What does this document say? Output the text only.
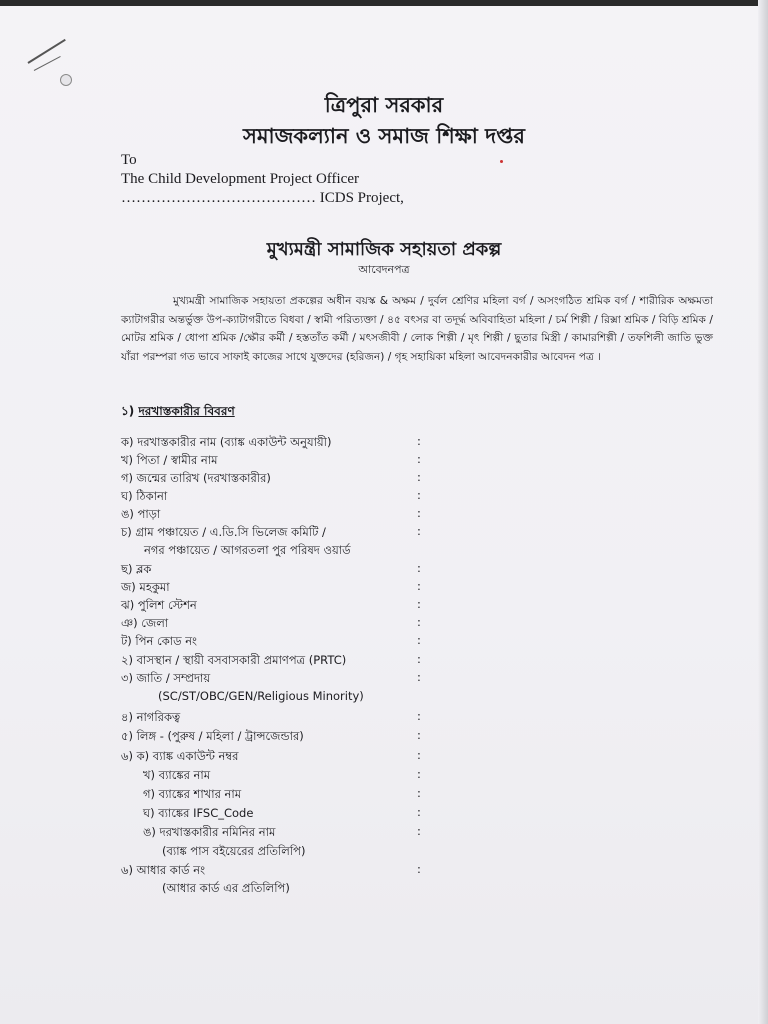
ত্রিপুরা সরকার
সমাজকল্যান ও সমাজ শিক্ষা দপ্তর
To
The Child Development Project Officer
………………………………… ICDS Project,
মুখ্যমন্ত্রী সামাজিক সহায়তা প্রকল্প
আবেদনপত্র
মুখ্যমন্ত্রী সামাজিক সহায়তা প্রকল্পের অধীন বয়স্ক & অক্ষম / দুর্বল শ্রেণির মহিলা বর্গ / অসংগঠিত শ্রমিক বর্গ / শারীরিক অক্ষমতা ক্যাটাগরীর অন্তর্ভুক্ত উপ-ক্যাটাগরীতে বিধবা / স্বামী পরিত্যক্তা / ৪৫ বৎসর বা তদূর্দ্ধ অবিবাহিতা মহিলা / চর্ম শিল্পী / রিক্সা শ্রমিক / বিড়ি শ্রমিক / মোটর শ্রমিক / ধোপা শ্রমিক /ক্ষৌর কর্মী / হস্ততাঁত কর্মী / মৎসজীবী / লোক শিল্পী / মৃৎ শিল্পী / ছুতার মিস্ত্রী / কামারশিল্পী / তফশিলী জাতি ভুক্ত যাঁরা পরম্পরা গত ভাবে সাফাই কাজের সাথে যুক্তদের (হরিজন) / গৃহ সহায়িকা মহিলা আবেদনকারীর আবেদন পত্র ।
১) দরখাস্তকারীর বিবরণ
ক) দরখাস্তকারীর নাম (ব্যাঙ্ক একাউন্ট অনুযায়ী)	:
খ) পিতা / স্বামীর নাম	:
গ) জন্মের তারিখ (দরখাস্তকারীর)	:
ঘ) ঠিকানা	:
ঙ) পাড়া	:
চ) গ্রাম পঞ্চায়েত / এ.ডি.সি ভিলেজ কমিটি /	:
নগর পঞ্চায়েত / আগরতলা পুর পরিষদ ওয়ার্ড
ছ) ব্লক	:
জ) মহকুমা	:
ঝ) পুলিশ স্টেশন	:
ঞ) জেলা	:
ট) পিন কোড নং	:
২) বাসস্থান / স্থায়ী বসবাসকারী প্রমাণপত্র (PRTC)	:
৩) জাতি / সম্প্রদায়	:
(SC/ST/OBC/GEN/Religious Minority)
৪) নাগরিকত্ব	:
৫) লিঙ্গ - (পুরুষ / মহিলা / ট্রান্সজেন্ডার)	:
৬) ক) ব্যাঙ্ক একাউন্ট নম্বর	:
খ) ব্যাঙ্কের নাম	:
গ) ব্যাঙ্কের শাখার নাম	:
ঘ) ব্যাঙ্কের IFSC_Code	:
ঙ) দরখাস্তকারীর নমিনির নাম	:
(ব্যাঙ্ক পাস বইয়েরের প্রতিলিপি)
৬) আধার কার্ড নং	:
(আধার কার্ড এর প্রতিলিপি)
